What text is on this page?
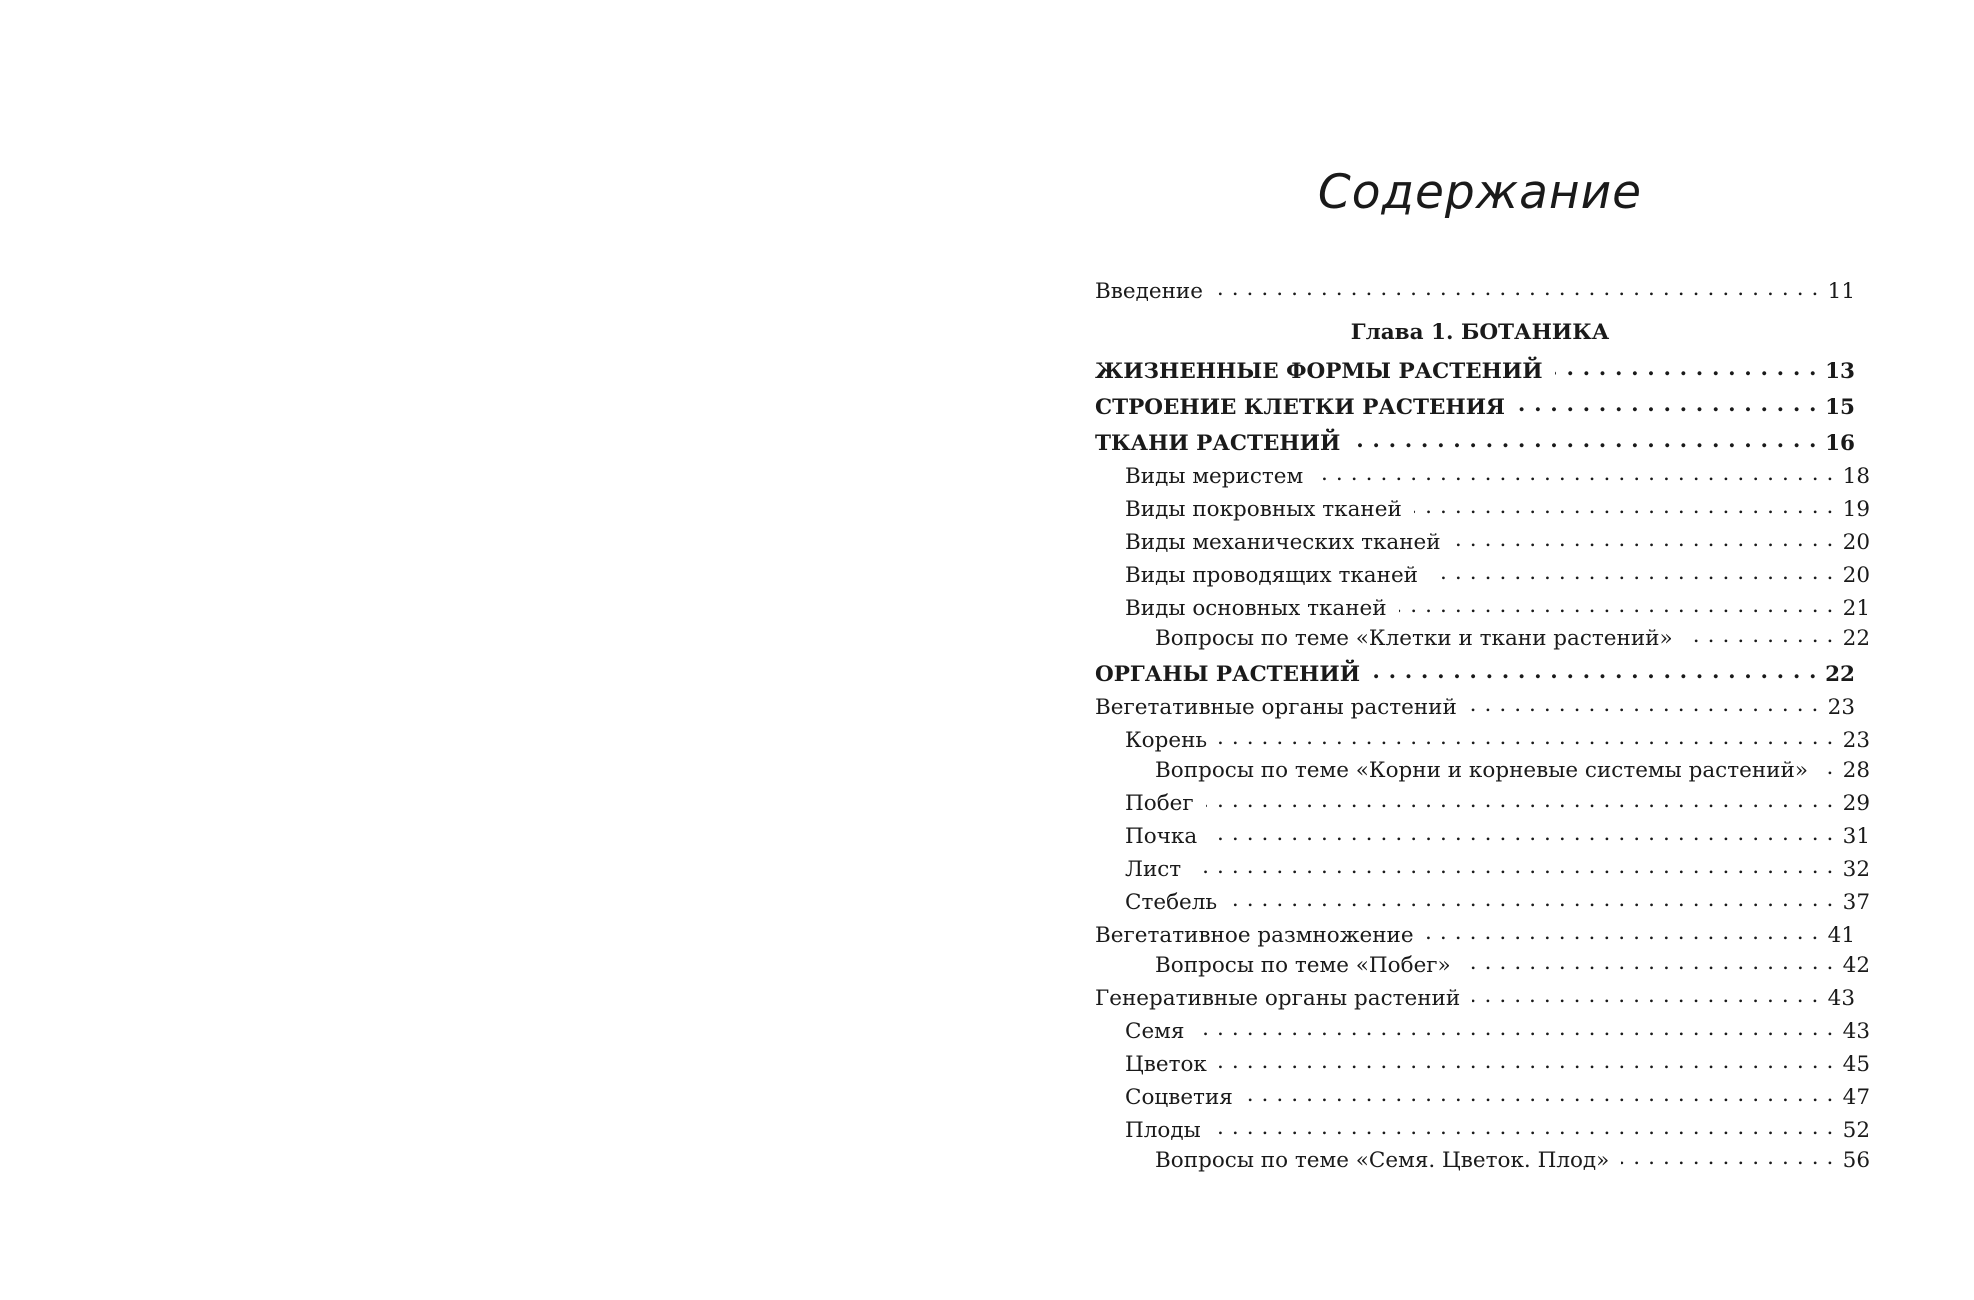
Содержание
Введение . . .	11
Глава 1. БОТАНИКА
ЖИЗНЕННЫЕ ФОРМЫ РАСТЕНИЙ . . .	13
СТРОЕНИЕ КЛЕТКИ РАСТЕНИЯ . . .	15
ТКАНИ РАСТЕНИЙ . . .	16
Виды меристем . . .	18
Виды покровных тканей . . .	19
Виды механических тканей . . .	20
Виды проводящих тканей . . .	20
Виды основных тканей . . .	21
Вопросы по теме «Клетки и ткани растений» . . .	22
ОРГАНЫ РАСТЕНИЙ . . .	22
Вегетативные органы растений . . .	23
Корень . . .	23
Вопросы по теме «Корни и корневые системы растений» . . .	28
Побег . . .	29
Почка . . .	31
Лист . . .	32
Стебель . . .	37
Вегетативное размножение . . .	41
Вопросы по теме «Побег» . . .	42
Генеративные органы растений . . .	43
Семя . . .	43
Цветок . . .	45
Соцветия . . .	47
Плоды . . .	52
Вопросы по теме «Семя. Цветок. Плод» . . .	56
